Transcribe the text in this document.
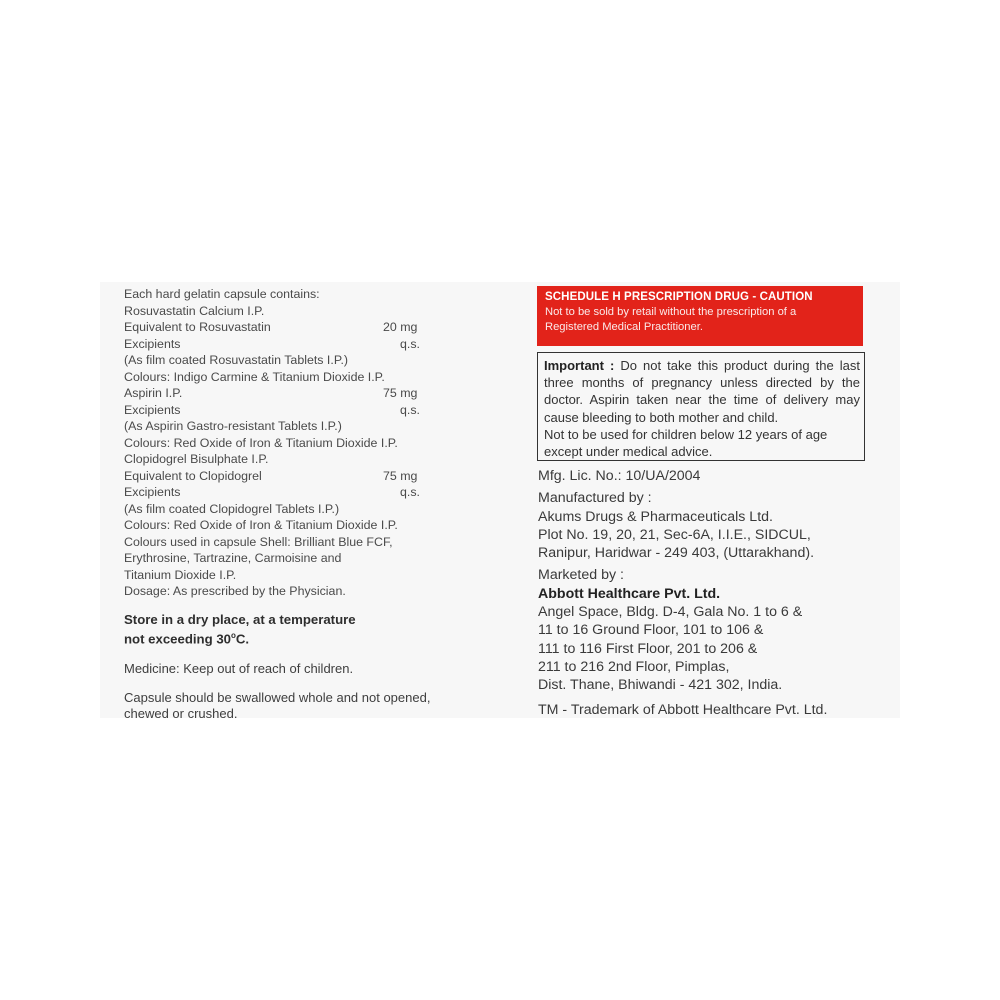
Each hard gelatin capsule contains:
Rosuvastatin Calcium I.P.
Equivalent to Rosuvastatin	20 mg
Excipients	q.s.
(As film coated Rosuvastatin Tablets I.P.)
Colours: Indigo Carmine & Titanium Dioxide I.P.
Aspirin I.P.	75 mg
Excipients	q.s.
(As Aspirin Gastro-resistant Tablets I.P.)
Colours: Red Oxide of Iron & Titanium Dioxide I.P.
Clopidogrel Bisulphate I.P.
Equivalent to Clopidogrel	75 mg
Excipients	q.s.
(As film coated Clopidogrel Tablets I.P.)
Colours: Red Oxide of Iron & Titanium Dioxide I.P.
Colours used in capsule Shell: Brilliant Blue FCF,
Erythrosine, Tartrazine, Carmoisine and
Titanium Dioxide I.P.
Dosage: As prescribed by the Physician.
Store in a dry place, at a temperature
not exceeding 30$^o$C.
Medicine: Keep out of reach of children.
Capsule should be swallowed whole and not opened,
chewed or crushed.
SCHEDULE H PRESCRIPTION DRUG - CAUTION
Not to be sold by retail without the prescription of a
Registered Medical Practitioner.
Important : Do not take this product during the last three months of pregnancy unless directed by the doctor. Aspirin taken near the time of delivery may cause bleeding to both mother and child.

Not to be used for children below 12 years of age

except under medical advice.

Mfg. Lic. No.: 10/UA/2004
Manufactured by :
Akums Drugs & Pharmaceuticals Ltd.
Plot No. 19, 20, 21, Sec-6A, I.I.E., SIDCUL,
Ranipur, Haridwar - 249 403, (Uttarakhand).
Marketed by :
Abbott Healthcare Pvt. Ltd.
Angel Space, Bldg. D-4, Gala No. 1 to 6 &
11 to 16 Ground Floor, 101 to 106 &
111 to 116 First Floor, 201 to 206 &
211 to 216 2nd Floor, Pimplas,
Dist. Thane, Bhiwandi - 421 302, India.
TM - Trademark of Abbott Healthcare Pvt. Ltd.
